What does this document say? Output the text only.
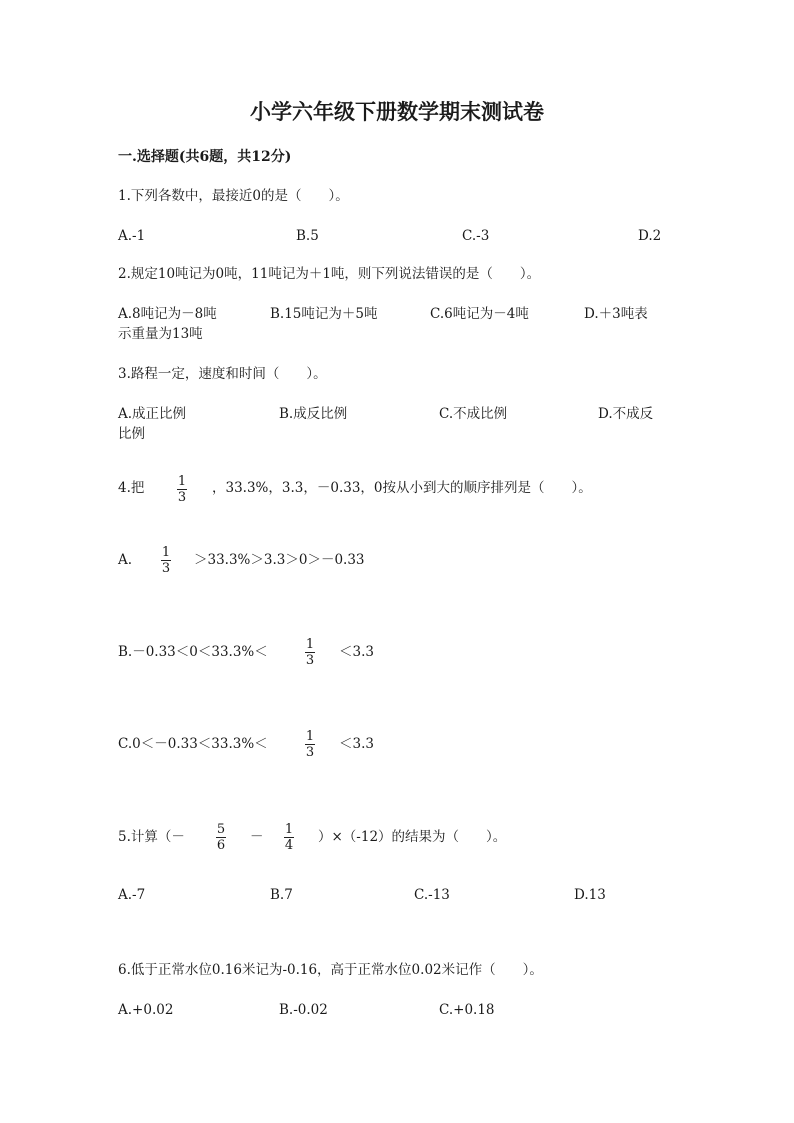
小学六年级下册数学期末测试卷
一.选择题(共6题，共12分)
1.下列各数中，最接近0的是（　　）。
A.-1	B.5	C.-3	D.2
2.规定10吨记为0吨，11吨记为＋1吨，则下列说法错误的是（　　）。
A.8吨记为－8吨	B.15吨记为＋5吨	C.6吨记为－4吨	D.＋3吨表
示重量为13吨
3.路程一定，速度和时间（　　）。
A.成正比例	B.成反比例	C.不成比例	D.不成反
比例
4.把 $\frac{1}{3}$ ，33.3%，3.3，－0.33，0按从小到大的顺序排列是（　　）。
A. $\frac{1}{3} >33.3\%>3.3>0>-0.33$
B.－0.33＜0＜33.3%＜	$\frac{1}{3} <3.3$
C.0＜－0.33＜33.3%＜	$\frac{1}{3} <3.3$
5.计算（－ $\frac{5}{6} - \frac{1}{4} )\times(-12)$的结果为（　　）。
A.-7	B.7	C.-13	D.13
6.低于正常水位0.16米记为-0.16，高于正常水位0.02米记作（　　）。
A.+0.02	B.-0.02	C.+0.18
